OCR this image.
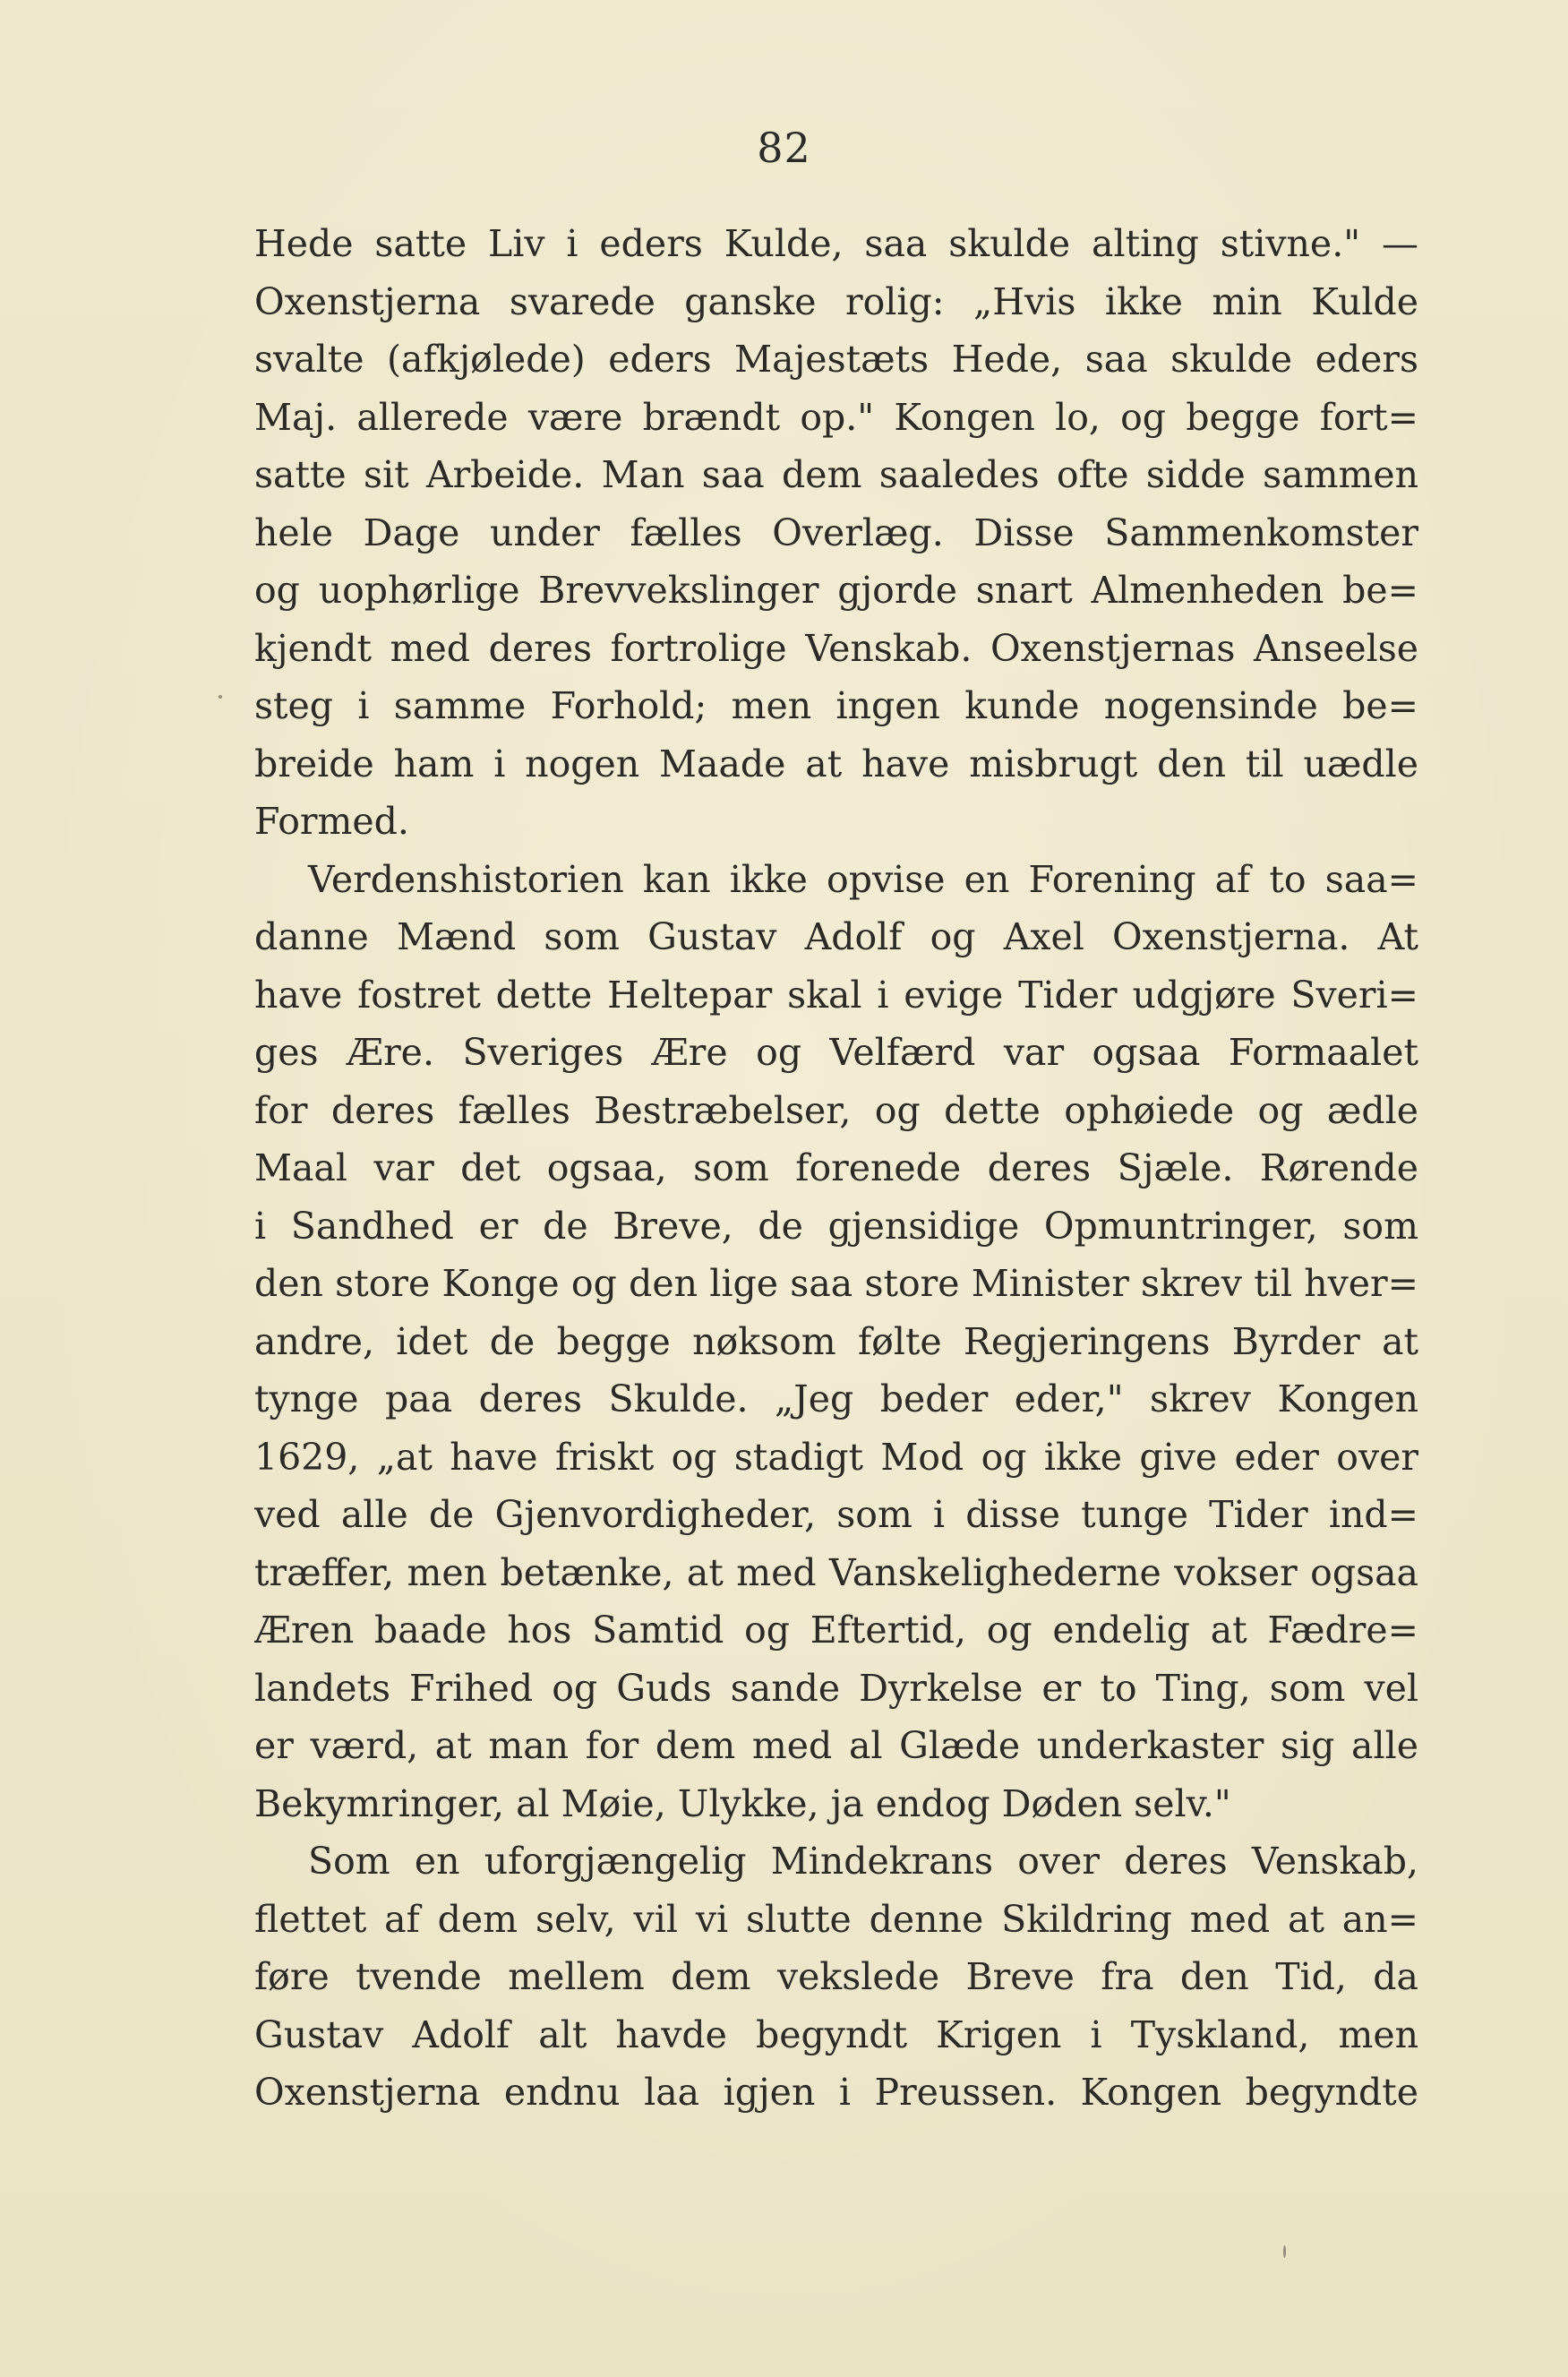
82
Hede satte Liv i eders Kulde, saa skulde alting stivne." —
Oxenstjerna svarede ganske rolig: „Hvis ikke min Kulde
svalte (afkjølede) eders Majestæts Hede, saa skulde eders
Maj. allerede være brændt op." Kongen lo, og begge fort=
satte sit Arbeide. Man saa dem saaledes ofte sidde sammen
hele Dage under fælles Overlæg. Disse Sammenkomster
og uophørlige Brevvekslinger gjorde snart Almenheden be=
kjendt med deres fortrolige Venskab. Oxenstjernas Anseelse
steg i samme Forhold; men ingen kunde nogensinde be=
breide ham i nogen Maade at have misbrugt den til uædle
Formed.
Verdenshistorien kan ikke opvise en Forening af to saa=
danne Mænd som Gustav Adolf og Axel Oxenstjerna. At
have fostret dette Heltepar skal i evige Tider udgjøre Sveri=
ges Ære. Sveriges Ære og Velfærd var ogsaa Formaalet
for deres fælles Bestræbelser, og dette ophøiede og ædle
Maal var det ogsaa, som forenede deres Sjæle. Rørende
i Sandhed er de Breve, de gjensidige Opmuntringer, som
den store Konge og den lige saa store Minister skrev til hver=
andre, idet de begge nøksom følte Regjeringens Byrder at
tynge paa deres Skulde. „Jeg beder eder," skrev Kongen
1629, „at have friskt og stadigt Mod og ikke give eder over
ved alle de Gjenvordigheder, som i disse tunge Tider ind=
træffer, men betænke, at med Vanskelighederne vokser ogsaa
Æren baade hos Samtid og Eftertid, og endelig at Fædre=
landets Frihed og Guds sande Dyrkelse er to Ting, som vel
er værd, at man for dem med al Glæde underkaster sig alle
Bekymringer, al Møie, Ulykke, ja endog Døden selv."
Som en uforgjængelig Mindekrans over deres Venskab,
flettet af dem selv, vil vi slutte denne Skildring med at an=
føre tvende mellem dem vekslede Breve fra den Tid, da
Gustav Adolf alt havde begyndt Krigen i Tyskland, men
Oxenstjerna endnu laa igjen i Preussen. Kongen begyndte
